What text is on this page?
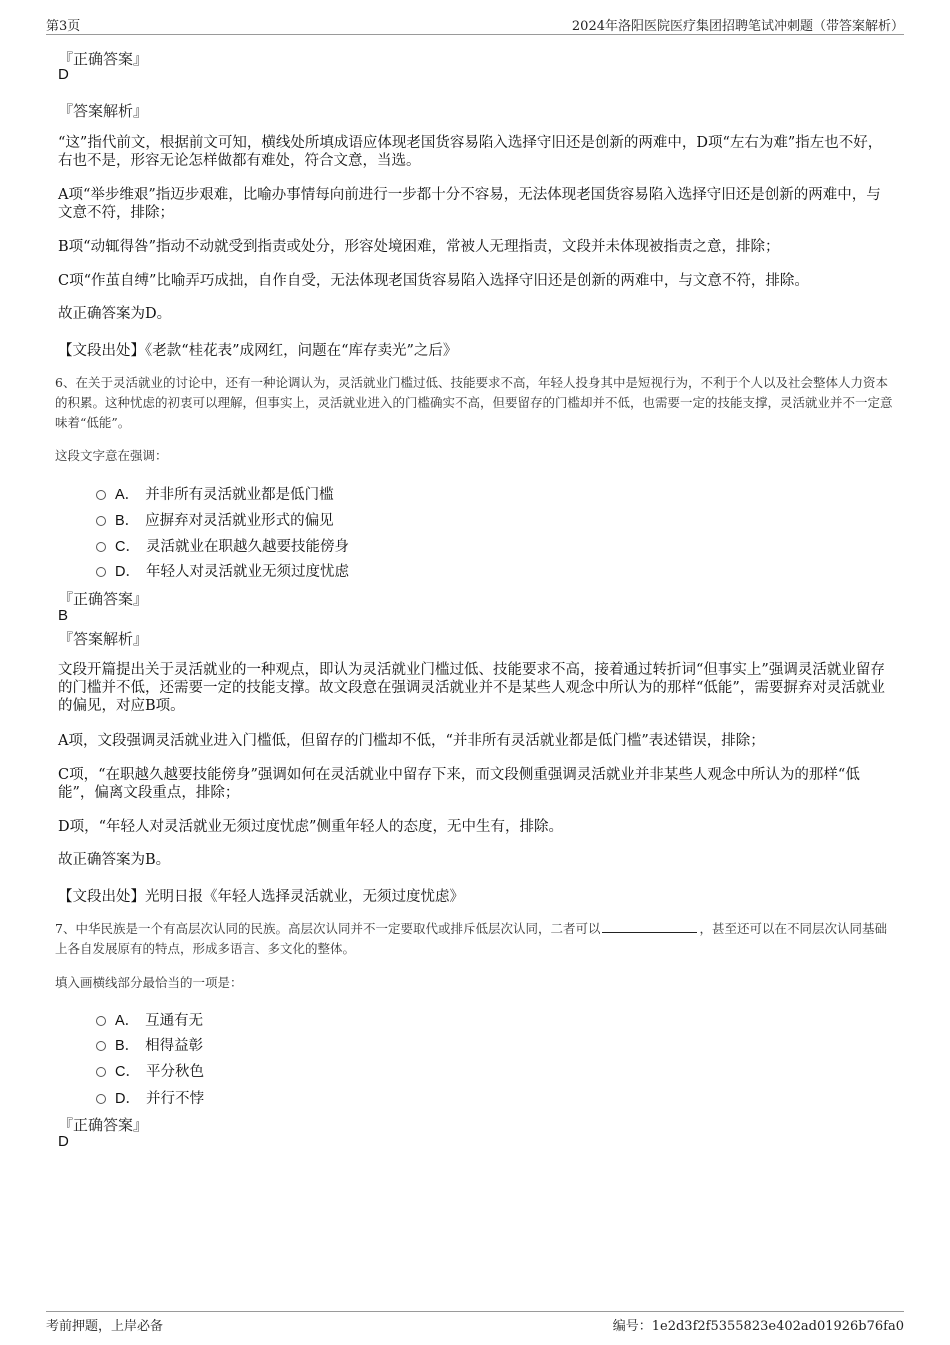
第3页	2024年洛阳医院医疗集团招聘笔试冲刺题（带答案解析）
『正确答案』
D
『答案解析』
“这”指代前文，根据前文可知，横线处所填成语应体现老国货容易陷入选择守旧还是创新的两难中，D项“左右为难”指左也不好，右也不是，形容无论怎样做都有难处，符合文意，当选。
A项“举步维艰”指迈步艰难，比喻办事情每向前进行一步都十分不容易，无法体现老国货容易陷入选择守旧还是创新的两难中，与文意不符，排除；
B项“动辄得咎”指动不动就受到指责或处分，形容处境困难，常被人无理指责，文段并未体现被指责之意，排除；
C项“作茧自缚”比喻弄巧成拙，自作自受，无法体现老国货容易陷入选择守旧还是创新的两难中，与文意不符，排除。
故正确答案为D。
【文段出处】《老款“桂花表”成网红，问题在“库存卖光”之后》
6、在关于灵活就业的讨论中，还有一种论调认为，灵活就业门槛过低、技能要求不高，年轻人投身其中是短视行为，不利于个人以及社会整体人力资本的积累。这种忧虑的初衷可以理解，但事实上，灵活就业进入的门槛确实不高，但要留存的门槛却并不低，也需要一定的技能支撑，灵活就业并不一定意味着“低能”。
这段文字意在强调：
A． 并非所有灵活就业都是低门槛
B． 应摒弃对灵活就业形式的偏见
C． 灵活就业在职越久越要技能傍身
D． 年轻人对灵活就业无须过度忧虑
『正确答案』
B
『答案解析』
文段开篇提出关于灵活就业的一种观点，即认为灵活就业门槛过低、技能要求不高，接着通过转折词“但事实上”强调灵活就业留存的门槛并不低，还需要一定的技能支撑。故文段意在强调灵活就业并不是某些人观念中所认为的那样“低能”，需要摒弃对灵活就业的偏见，对应B项。
A项，文段强调灵活就业进入门槛低，但留存的门槛却不低，“并非所有灵活就业都是低门槛”表述错误，排除；
C项，“在职越久越要技能傍身”强调如何在灵活就业中留存下来，而文段侧重强调灵活就业并非某些人观念中所认为的那样“低能”，偏离文段重点，排除；
D项，“年轻人对灵活就业无须过度忧虑”侧重年轻人的态度，无中生有，排除。
故正确答案为B。
【文段出处】光明日报《年轻人选择灵活就业，无须过度忧虑》
7、中华民族是一个有高层次认同的民族。高层次认同并不一定要取代或排斥低层次认同，二者可以	，甚至还可以在不同层次认同基础上各自发展原有的特点，形成多语言、多文化的整体。
填入画横线部分最恰当的一项是：
A． 互通有无
B． 相得益彰
C． 平分秋色
D． 并行不悖
『正确答案』
D
考前押题，上岸必备	编号：1e2d3f2f5355823e402ad01926b76fa0
